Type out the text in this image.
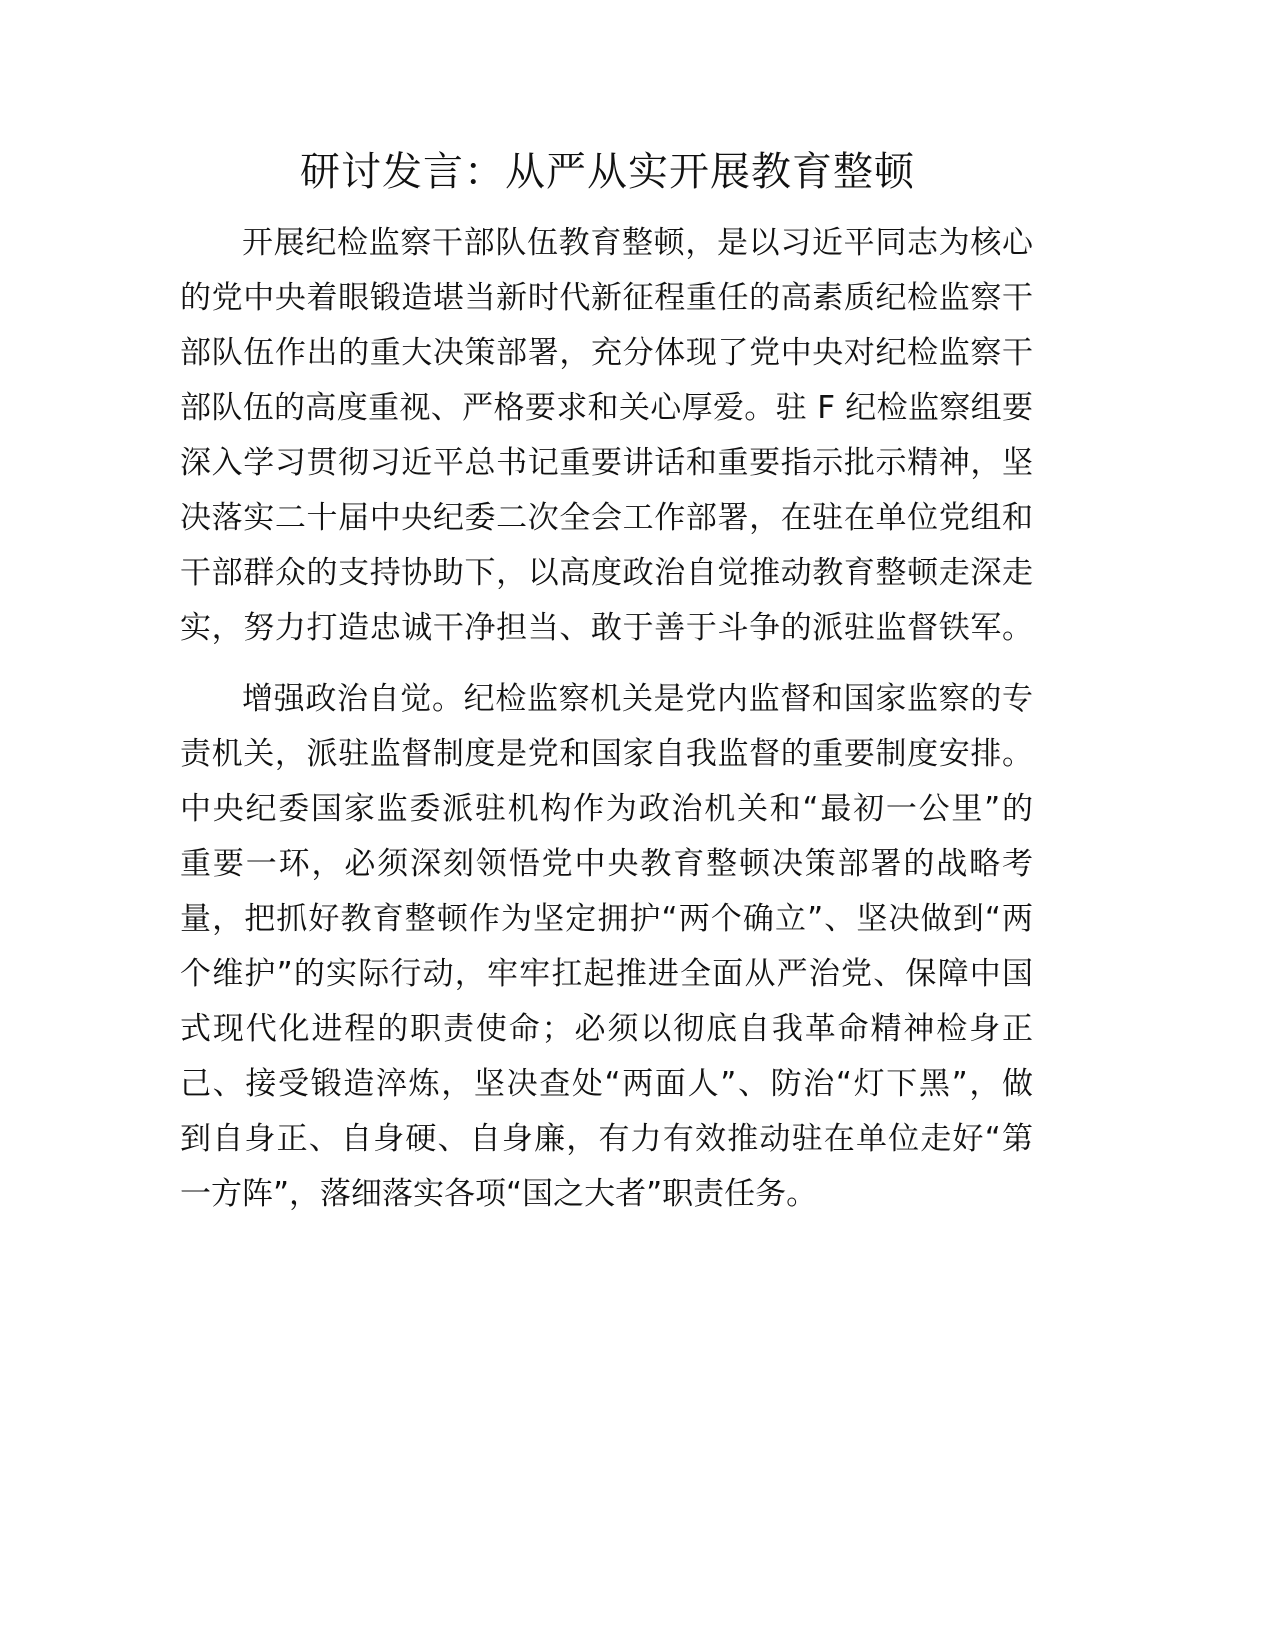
研讨发言：从严从实开展教育整顿
开展纪检监察干部队伍教育整顿，是以习近平同志为核心
的党中央着眼锻造堪当新时代新征程重任的高素质纪检监察干
部队伍作出的重大决策部署，充分体现了党中央对纪检监察干
部队伍的高度重视、严格要求和关心厚爱。驻 F 纪检监察组要
深入学习贯彻习近平总书记重要讲话和重要指示批示精神，坚
决落实二十届中央纪委二次全会工作部署，在驻在单位党组和
干部群众的支持协助下，以高度政治自觉推动教育整顿走深走
实，努力打造忠诚干净担当、敢于善于斗争的派驻监督铁军。
增强政治自觉。纪检监察机关是党内监督和国家监察的专
责机关，派驻监督制度是党和国家自我监督的重要制度安排。
中央纪委国家监委派驻机构作为政治机关和“最初一公里”的
重要一环，必须深刻领悟党中央教育整顿决策部署的战略考
量，把抓好教育整顿作为坚定拥护“两个确立”、坚决做到“两
个维护”的实际行动，牢牢扛起推进全面从严治党、保障中国
式现代化进程的职责使命；必须以彻底自我革命精神检身正
己、接受锻造淬炼，坚决查处“两面人”、防治“灯下黑”，做
到自身正、自身硬、自身廉，有力有效推动驻在单位走好“第
一方阵”，落细落实各项“国之大者”职责任务。
